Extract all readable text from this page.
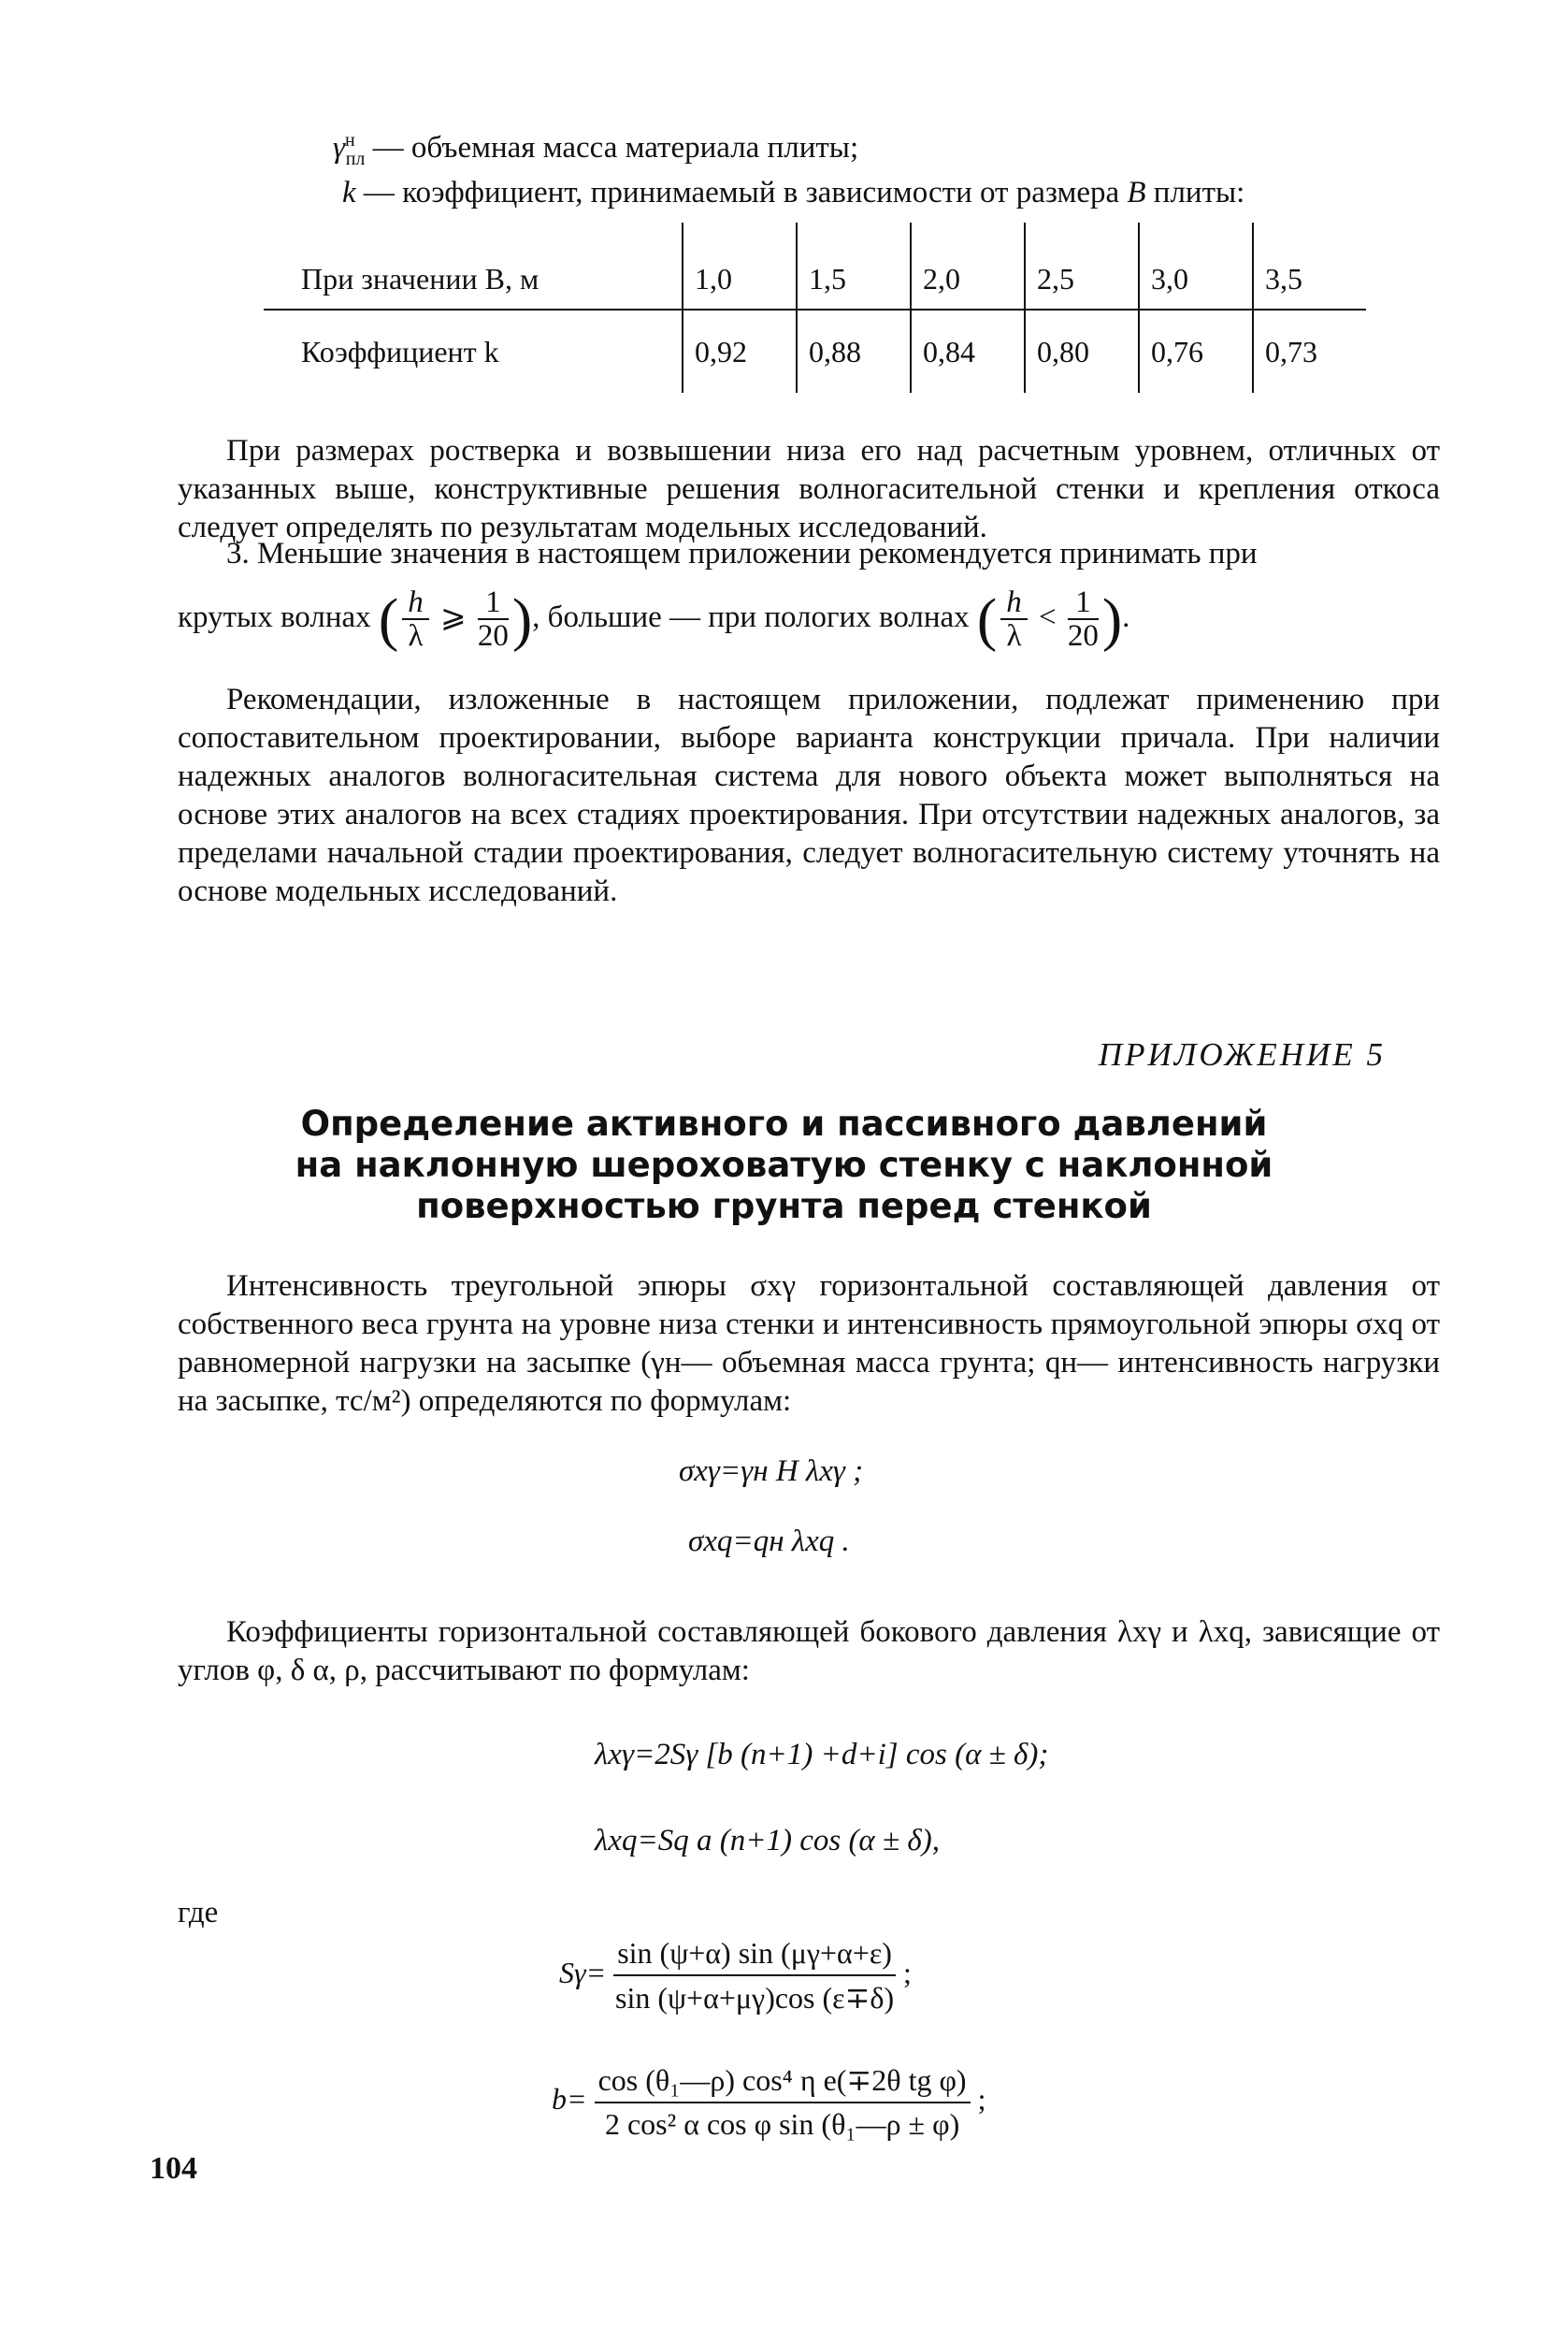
$\gamma^н_{пл}$ — объемная масса материала плиты;
k — коэффициент, принимаемый в зависимости от размера B плиты:

При значении B, м	1,0	1,5	2,0	2,5	3,0	3,5
Коэффициент k	0,92	0,88	0,84	0,80	0,76	0,73

При размерах ростверка и возвышении низа его над расчетным уровнем, отличных от указанных выше, конструктивные решения волногасительной стенки и крепления откоса следует определять по результатам модельных исследований.

3. Меньшие значения в настоящем приложении рекомендуется принимать при

крутых волнах ( $\frac{h}{\lambda}$ ⩾ $\frac{1}{20}$ ), большие — при пологих волнах ( $\frac{h}{\lambda} < \frac{1}{20}$ ).

Рекомендации, изложенные в настоящем приложении, подлежат применению при сопоставительном проектировании, выборе варианта конструкции причала. При наличии надежных аналогов волногасительная система для нового объекта может выполняться на основе этих аналогов на всех стадиях проектирования. При отсутствии надежных аналогов, за пределами начальной стадии проектирования, следует волногасительную систему уточнять на основе модельных исследований.

ПРИЛОЖЕНИЕ 5
Определение активного и пассивного давлений
на наклонную шероховатую стенку с наклонной
поверхностью грунта перед стенкой

Интенсивность треугольной эпюры σxγ горизонтальной составляющей давления от собственного веса грунта на уровне низа стенки и интенсивность прямоугольной эпюры σxq от равномерной нагрузки на засыпке (γн— объемная масса грунта; qн— интенсивность нагрузки на засыпке, тс/м²) определяются по формулам:

σxγ=γн H λxγ ;
σxq=qн λxq .

Коэффициенты горизонтальной составляющей бокового давления λxγ и λxq, зависящие от углов φ, δ α, ρ, рассчитывают по формулам:

λxγ=2Sγ [b (n+1) +d+i] cos (α ± δ);
λxq=Sq a (n+1) cos (α ± δ),
где
$S\gamma= \frac{\sin (\psi+\alpha) \sin (\mu\gamma+\alpha+\varepsilon)}{\sin (\psi+\alpha+\mu\gamma)\cos (\varepsilon\mp\delta)}$ ;
$b= \frac{\text{cos (θ₁—ρ) cos⁴ η e(∓2θ tg φ)}}{\text{2 cos² α cos φ sin (θ₁—ρ ± φ)}}$ ;
104
